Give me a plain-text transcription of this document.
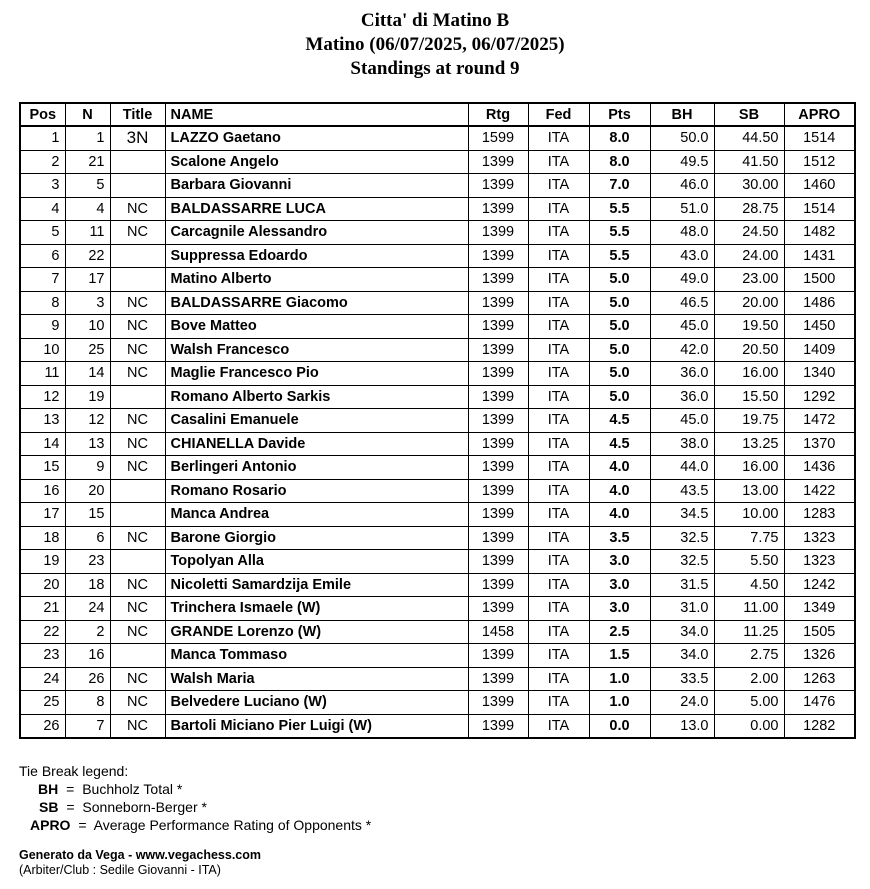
Citta' di Matino B
Matino (06/07/2025, 06/07/2025)
Standings at round 9
Pos	N	Title	NAME	Rtg	Fed	Pts	BH	SB	APRO
1	1	3N	LAZZO Gaetano	1599	ITA	8.0	50.0	44.50	1514
2	21		Scalone Angelo	1399	ITA	8.0	49.5	41.50	1512
3	5		Barbara Giovanni	1399	ITA	7.0	46.0	30.00	1460
4	4	NC	BALDASSARRE LUCA	1399	ITA	5.5	51.0	28.75	1514
5	11	NC	Carcagnile Alessandro	1399	ITA	5.5	48.0	24.50	1482
6	22		Suppressa Edoardo	1399	ITA	5.5	43.0	24.00	1431
7	17		Matino Alberto	1399	ITA	5.0	49.0	23.00	1500
8	3	NC	BALDASSARRE Giacomo	1399	ITA	5.0	46.5	20.00	1486
9	10	NC	Bove Matteo	1399	ITA	5.0	45.0	19.50	1450
10	25	NC	Walsh Francesco	1399	ITA	5.0	42.0	20.50	1409
11	14	NC	Maglie Francesco Pio	1399	ITA	5.0	36.0	16.00	1340
12	19		Romano Alberto Sarkis	1399	ITA	5.0	36.0	15.50	1292
13	12	NC	Casalini Emanuele	1399	ITA	4.5	45.0	19.75	1472
14	13	NC	CHIANELLA Davide	1399	ITA	4.5	38.0	13.25	1370
15	9	NC	Berlingeri Antonio	1399	ITA	4.0	44.0	16.00	1436
16	20		Romano Rosario	1399	ITA	4.0	43.5	13.00	1422
17	15		Manca Andrea	1399	ITA	4.0	34.5	10.00	1283
18	6	NC	Barone Giorgio	1399	ITA	3.5	32.5	7.75	1323
19	23		Topolyan Alla	1399	ITA	3.0	32.5	5.50	1323
20	18	NC	Nicoletti Samardzija Emile	1399	ITA	3.0	31.5	4.50	1242
21	24	NC	Trinchera Ismaele (W)	1399	ITA	3.0	31.0	11.00	1349
22	2	NC	GRANDE Lorenzo (W)	1458	ITA	2.5	34.0	11.25	1505
23	16		Manca Tommaso	1399	ITA	1.5	34.0	2.75	1326
24	26	NC	Walsh Maria	1399	ITA	1.0	33.5	2.00	1263
25	8	NC	Belvedere Luciano (W)	1399	ITA	1.0	24.0	5.00	1476
26	7	NC	Bartoli Miciano Pier Luigi (W)	1399	ITA	0.0	13.0	0.00	1282
Tie Break legend:
BH = Buchholz Total *
SB = Sonneborn-Berger *
APRO = Average Performance Rating of Opponents *
Generato da Vega - www.vegachess.com
(Arbiter/Club : Sedile Giovanni - ITA)
